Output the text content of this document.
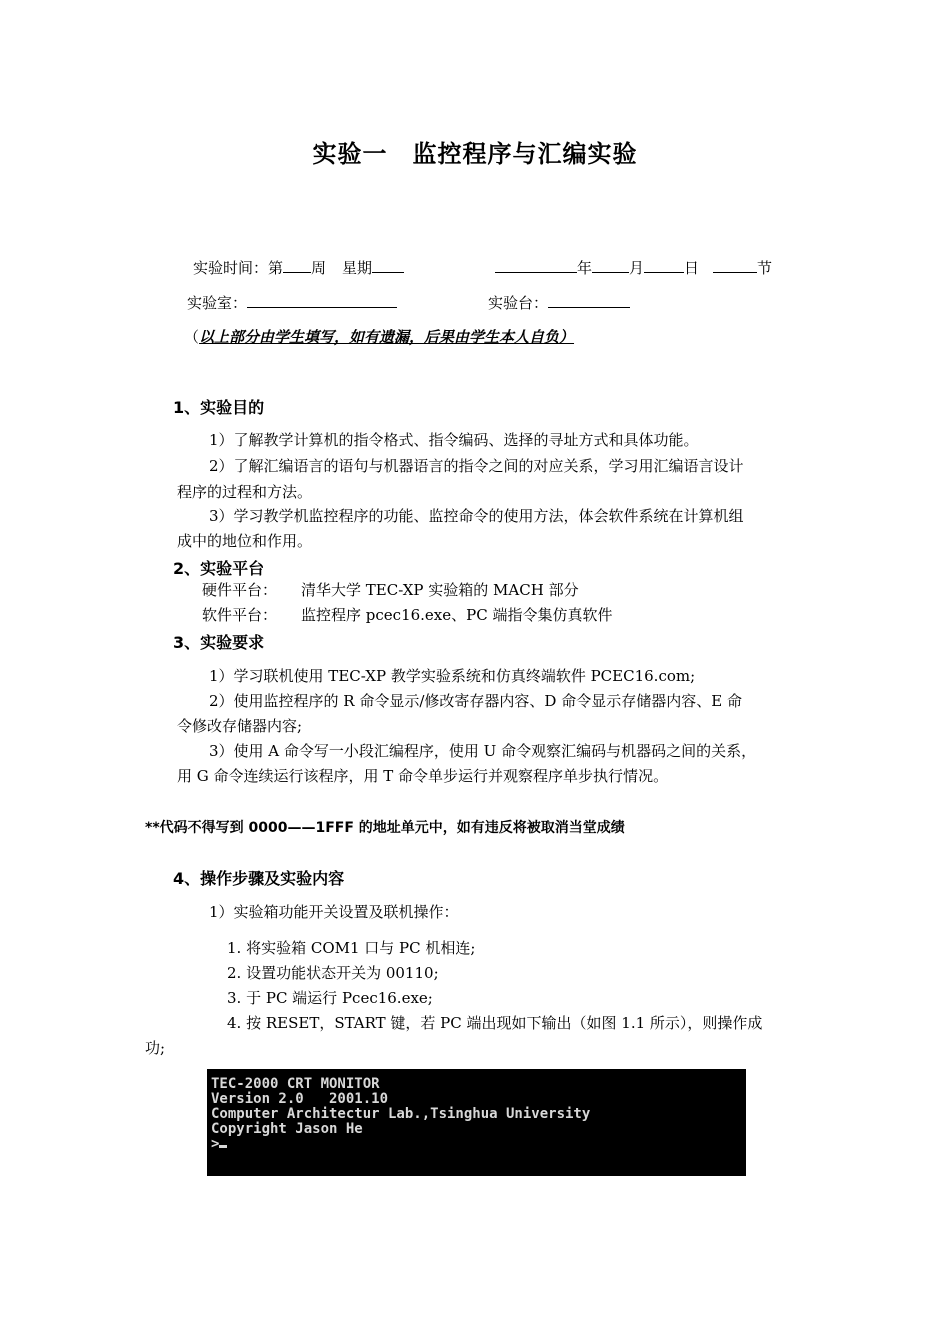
实验一　监控程序与汇编实验
实验时间：第 周 星期	年 月	日	节
实验室：	实验台：
（以上部分由学生填写，如有遗漏，后果由学生本人自负）
1、实验目的
1）了解教学计算机的指令格式、指令编码、选择的寻址方式和具体功能。
2）了解汇编语言的语句与机器语言的指令之间的对应关系，学习用汇编语言设计
程序的过程和方法。
3）学习教学机监控程序的功能、监控命令的使用方法，体会软件系统在计算机组
成中的地位和作用。
2、实验平台
硬件平台： 清华大学 TEC-XP 实验箱的 MACH 部分
软件平台： 监控程序 pcec16.exe、PC 端指令集仿真软件
3、实验要求
1）学习联机使用 TEC-XP 教学实验系统和仿真终端软件 PCEC16.com;
2）使用监控程序的 R 命令显示/修改寄存器内容、D 命令显示存储器内容、E 命
令修改存储器内容;
3）使用 A 命令写一小段汇编程序，使用 U 命令观察汇编码与机器码之间的关系，
用 G 命令连续运行该程序，用 T 命令单步运行并观察程序单步执行情况。
**代码不得写到 0000——1FFF 的地址单元中，如有违反将被取消当堂成绩
4、操作步骤及实验内容
1）实验箱功能开关设置及联机操作：
1. 将实验箱 COM1 口与 PC 机相连;
2. 设置功能状态开关为 00110;
3. 于 PC 端运行 Pcec16.exe;
4. 按 RESET，START 键，若 PC 端出现如下输出（如图 1.1 所示），则操作成
功;
TEC-2000 CRT MONITOR
Version 2.0   2001.10
Computer Architectur Lab.,Tsinghua University
Copyright Jason He
>
